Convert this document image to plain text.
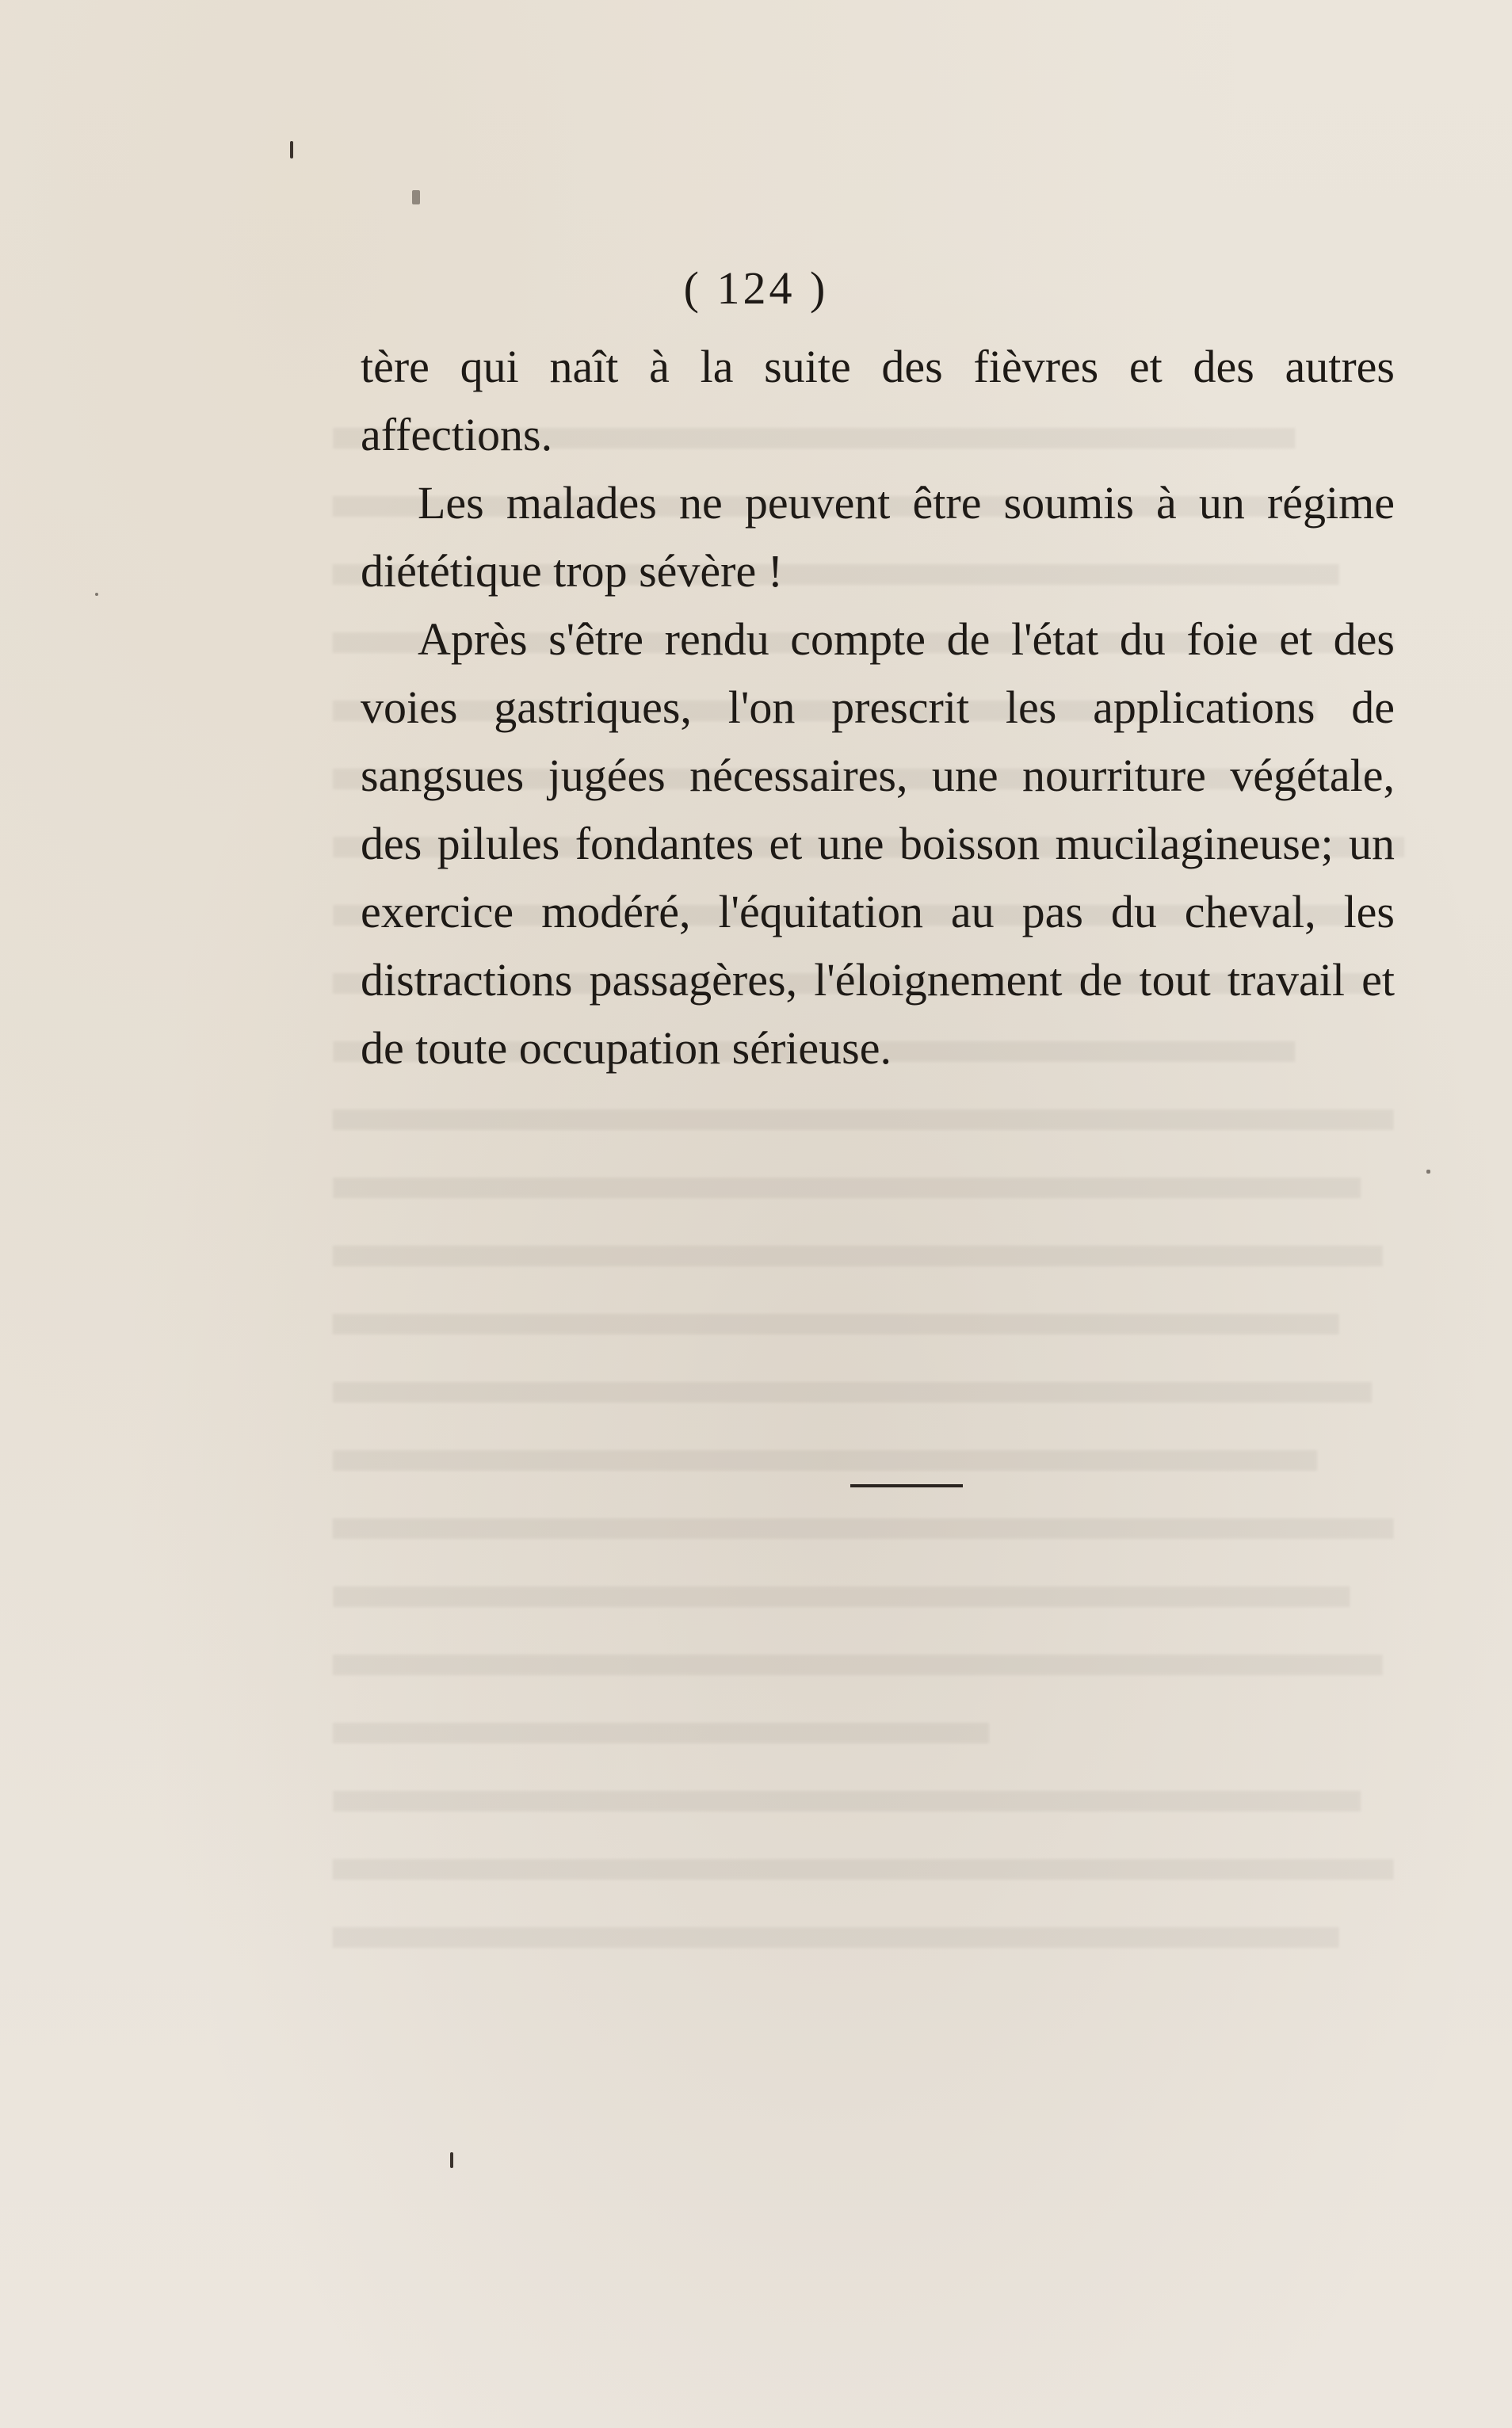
( 124 )

tère qui naît à la suite des fièvres et des autres affections.

Les malades ne peuvent être soumis à un régime diététique trop sévère !

Après s'être rendu compte de l'état du foie et des voies gastriques, l'on prescrit les applications de sangsues jugées nécessaires, une nourriture végétale, des pilules fondantes et une boisson mucilagineuse; un exercice modéré, l'équitation au pas du cheval, les distractions passagères, l'éloignement de tout travail et de toute occupation sérieuse.
